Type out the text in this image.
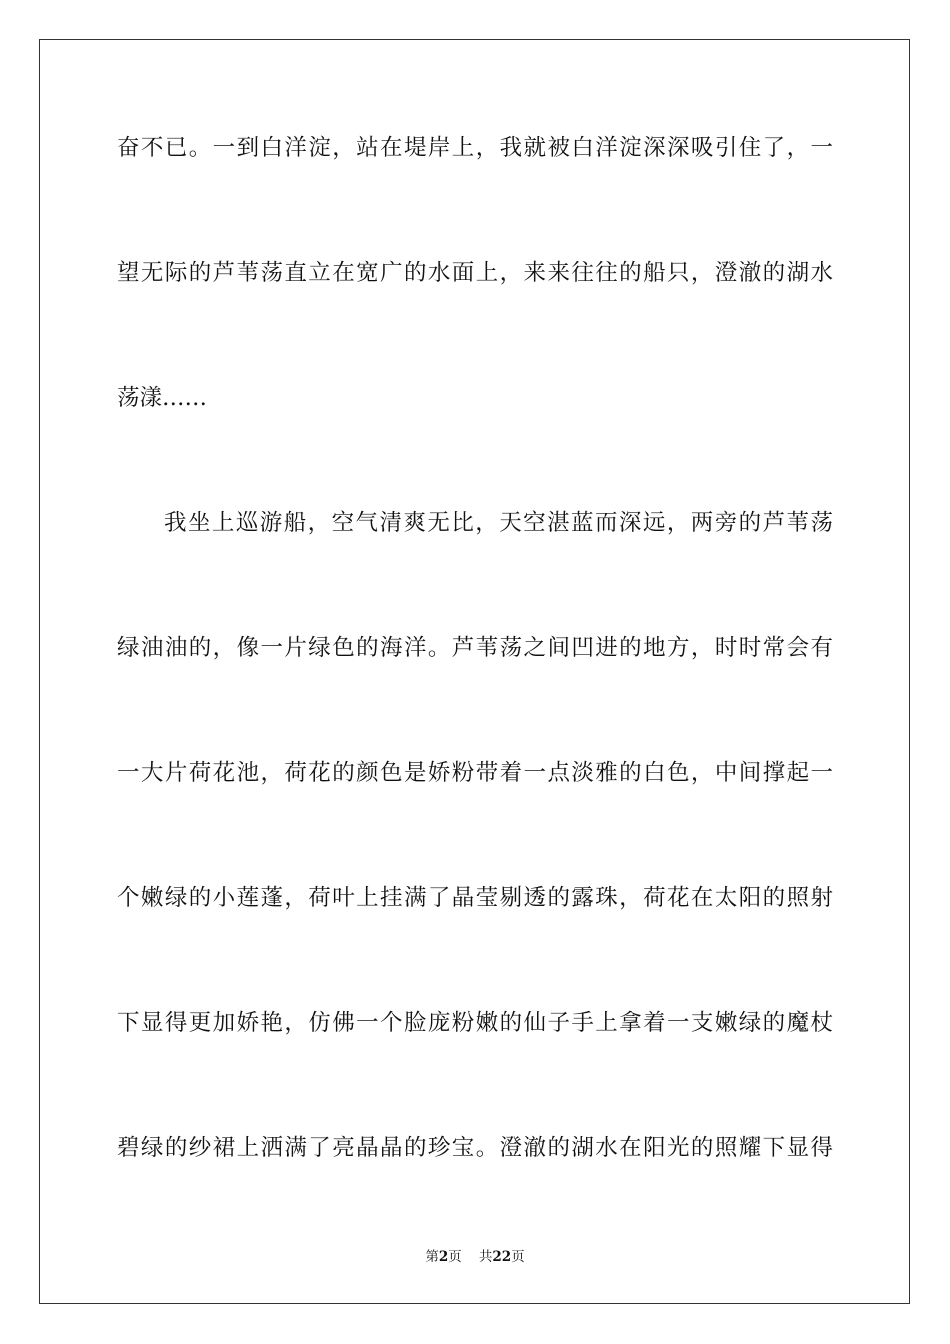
奋不已。一到白洋淀，站在堤岸上，我就被白洋淀深深吸引住了，一
望无际的芦苇荡直立在宽广的水面上，来来往往的船只，澄澈的湖水
荡漾……
我坐上巡游船，空气清爽无比，天空湛蓝而深远，两旁的芦苇荡
绿油油的，像一片绿色的海洋。芦苇荡之间凹进的地方，时时常会有
一大片荷花池，荷花的颜色是娇粉带着一点淡雅的白色，中间撑起一
个嫩绿的小莲蓬，荷叶上挂满了晶莹剔透的露珠，荷花在太阳的照射
下显得更加娇艳，仿佛一个脸庞粉嫩的仙子手上拿着一支嫩绿的魔杖
碧绿的纱裙上洒满了亮晶晶的珍宝。澄澈的湖水在阳光的照耀下显得
第2页 共22页
